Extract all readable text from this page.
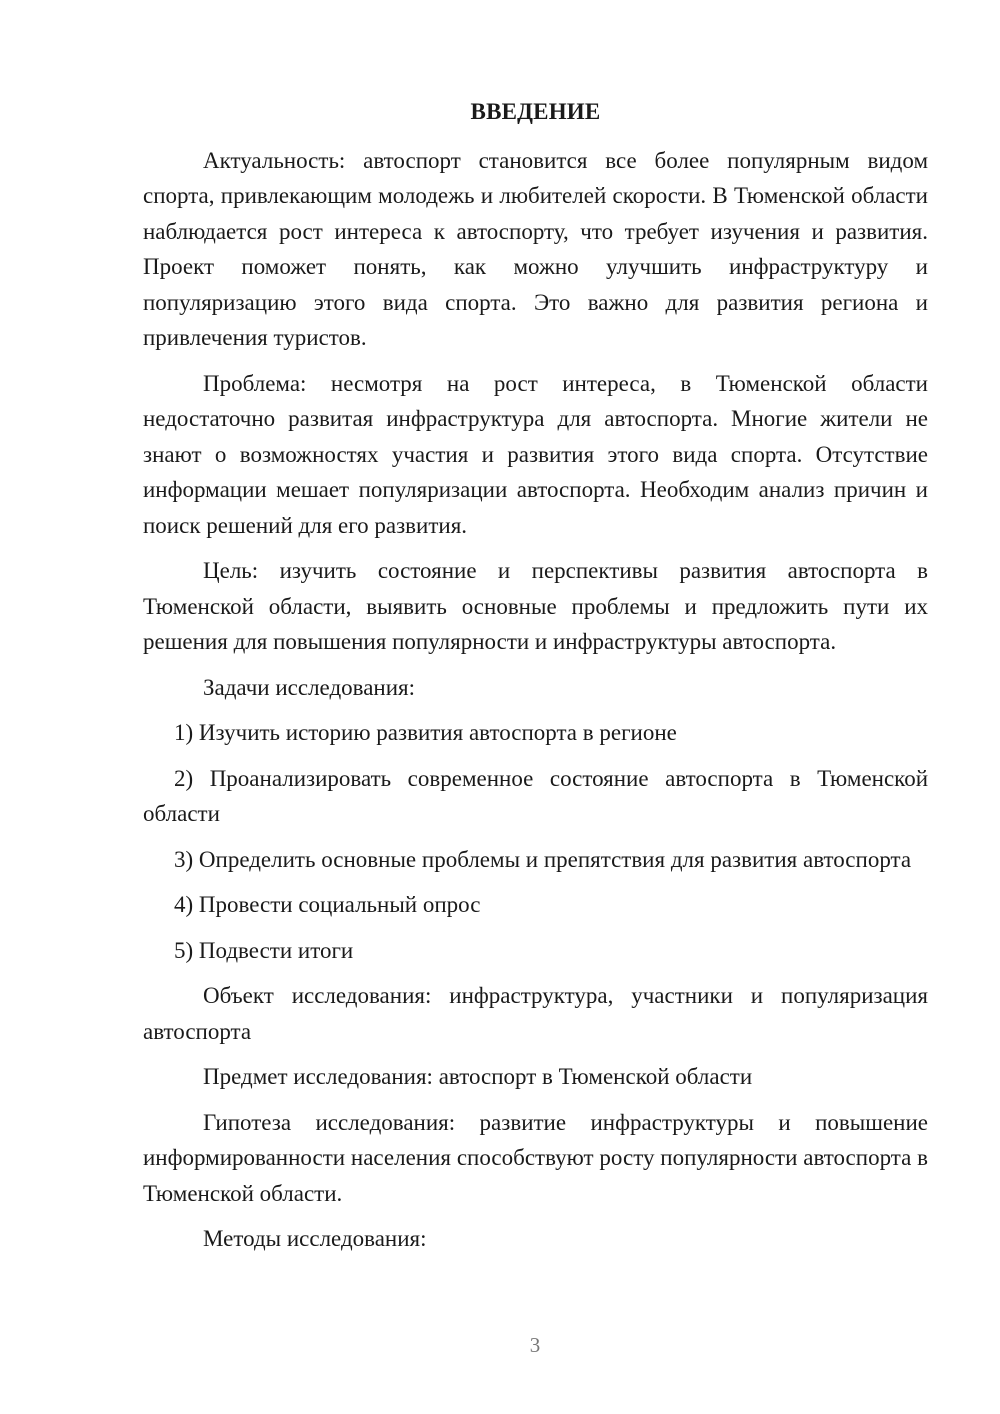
ВВЕДЕНИЕ

Актуальность: автоспорт становится все более популярным видом спорта, привлекающим молодежь и любителей скорости. В Тюменской области наблюдается рост интереса к автоспорту, что требует изучения и развития. Проект поможет понять, как можно улучшить инфраструктуру и популяризацию этого вида спорта. Это важно для развития региона и привлечения туристов.

Проблема: несмотря на рост интереса, в Тюменской области недостаточно развитая инфраструктура для автоспорта. Многие жители не знают о возможностях участия и развития этого вида спорта. Отсутствие информации мешает популяризации автоспорта. Необходим анализ причин и поиск решений для его развития.

Цель: изучить состояние и перспективы развития автоспорта в Тюменской области, выявить основные проблемы и предложить пути их решения для повышения популярности и инфраструктуры автоспорта.

Задачи исследования:

1) Изучить историю развития автоспорта в регионе

2) Проанализировать современное состояние автоспорта в Тюменской области

3) Определить основные проблемы и препятствия для развития автоспорта

4) Провести социальный опрос

5) Подвести итоги

Объект исследования: инфраструктура, участники и популяризация автоспорта

Предмет исследования: автоспорт в Тюменской области

Гипотеза исследования: развитие инфраструктуры и повышение информированности населения способствуют росту популярности автоспорта в Тюменской области.

Методы исследования:

3
